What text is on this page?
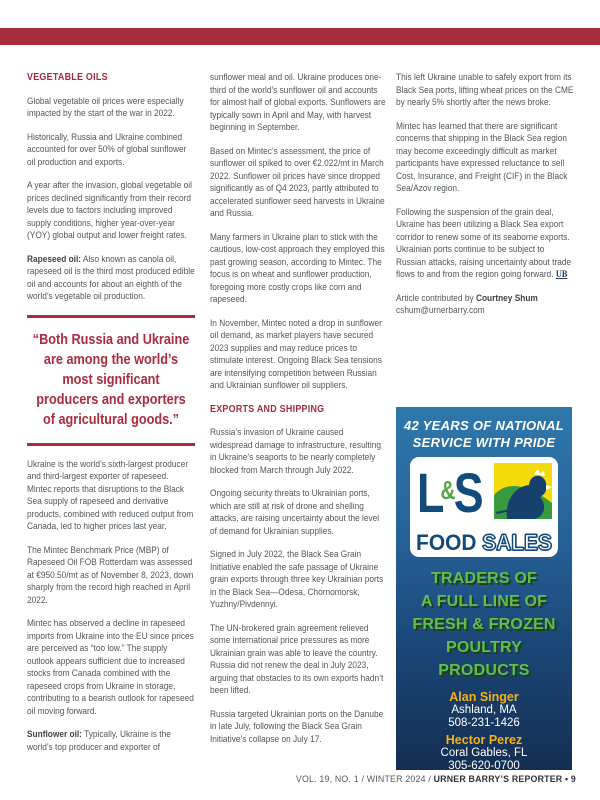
VEGETABLE OILS

Global vegetable oil prices were especially impacted by the start of the war in 2022.

Historically, Russia and Ukraine combined accounted for over 50% of global sunflower oil production and exports.

A year after the invasion, global vegetable oil prices declined significantly from their record levels due to factors including improved supply conditions, higher year-over-year (YOY) global output and lower freight rates.

Rapeseed oil: Also known as canola oil, rapeseed oil is the third most produced edible oil and accounts for about an eighth of the world’s vegetable oil production.

“Both Russia and Ukraine are among the world’s most significant producers and exporters of agricultural goods.”

Ukraine is the world’s sixth-largest producer and third-largest exporter of rapeseed. Mintec reports that disruptions to the Black Sea supply of rapeseed and derivative products, combined with reduced output from Canada, led to higher prices last year.

The Mintec Benchmark Price (MBP) of Rapeseed Oil FOB Rotterdam was assessed at €950.50/mt as of November 8, 2023, down sharply from the record high reached in April 2022.

Mintec has observed a decline in rapeseed imports from Ukraine into the EU since prices are perceived as “too low.” The supply outlook appears sufficient due to increased stocks from Canada combined with the rapeseed crops from Ukraine in storage, contributing to a bearish outlook for rapeseed oil moving forward.

Sunflower oil: Typically, Ukraine is the world’s top producer and exporter of

sunflower meal and oil. Ukraine produces one-third of the world’s sunflower oil and accounts for almost half of global exports. Sunflowers are typically sown in April and May, with harvest beginning in September.

Based on Mintec’s assessment, the price of sunflower oil spiked to over €2.022/mt in March 2022. Sunflower oil prices have since dropped significantly as of Q4 2023, partly attributed to accelerated sunflower seed harvests in Ukraine and Russia.

Many farmers in Ukraine plan to stick with the cautious, low-cost approach they employed this past growing season, according to Mintec. The focus is on wheat and sunflower production, foregoing more costly crops like corn and rapeseed.

In November, Mintec noted a drop in sunflower oil demand, as market players have secured 2023 supplies and may reduce prices to stimulate interest. Ongoing Black Sea tensions are intensifying competition between Russian and Ukrainian sunflower oil suppliers.

EXPORTS AND SHIPPING

Russia’s invasion of Ukraine caused widespread damage to infrastructure, resulting in Ukraine’s seaports to be nearly completely blocked from March through July 2022.

Ongoing security threats to Ukrainian ports, which are still at risk of drone and shelling attacks, are raising uncertainty about the level of demand for Ukrainian supplies.

Signed in July 2022, the Black Sea Grain Initiative enabled the safe passage of Ukraine grain exports through three key Ukrainian ports in the Black Sea—Odesa, Chornomorsk, Yuzhny/Pivdennyi.

The UN-brokered grain agreement relieved some international price pressures as more Ukrainian grain was able to leave the country. Russia did not renew the deal in July 2023, arguing that obstacles to its own exports hadn’t been lifted.

Russia targeted Ukrainian ports on the Danube in late July, following the Black Sea Grain Initiative’s collapse on July 17.

This left Ukraine unable to safely export from its Black Sea ports, lifting wheat prices on the CME by nearly 5% shortly after the news broke.

Mintec has learned that there are significant concerns that shipping in the Black Sea region may become exceedingly difficult as market participants have expressed reluctance to sell Cost, Insurance, and Freight (CIF) in the Black Sea/Azov region.

Following the suspension of the grain deal, Ukraine has been utilizing a Black Sea export corridor to renew some of its seaborne exports. Ukrainian ports continue to be subject to Russian attacks, raising uncertainty about trade flows to and from the region going forward. UB

Article contributed by Courtney Shum
cshum@urnerbarry.com

42 YEARS OF NATIONAL
SERVICE WITH PRIDE
L&S
FOOD SALES
TRADERS OF
A FULL LINE OF
FRESH & FROZEN
POULTRY
PRODUCTS
Alan Singer
Ashland, MA
508-231-1426
Hector Perez
Coral Gables, FL
305-620-0700
VOL. 19, NO. 1 / WINTER 2024 / URNER BARRY’S REPORTER • 9
